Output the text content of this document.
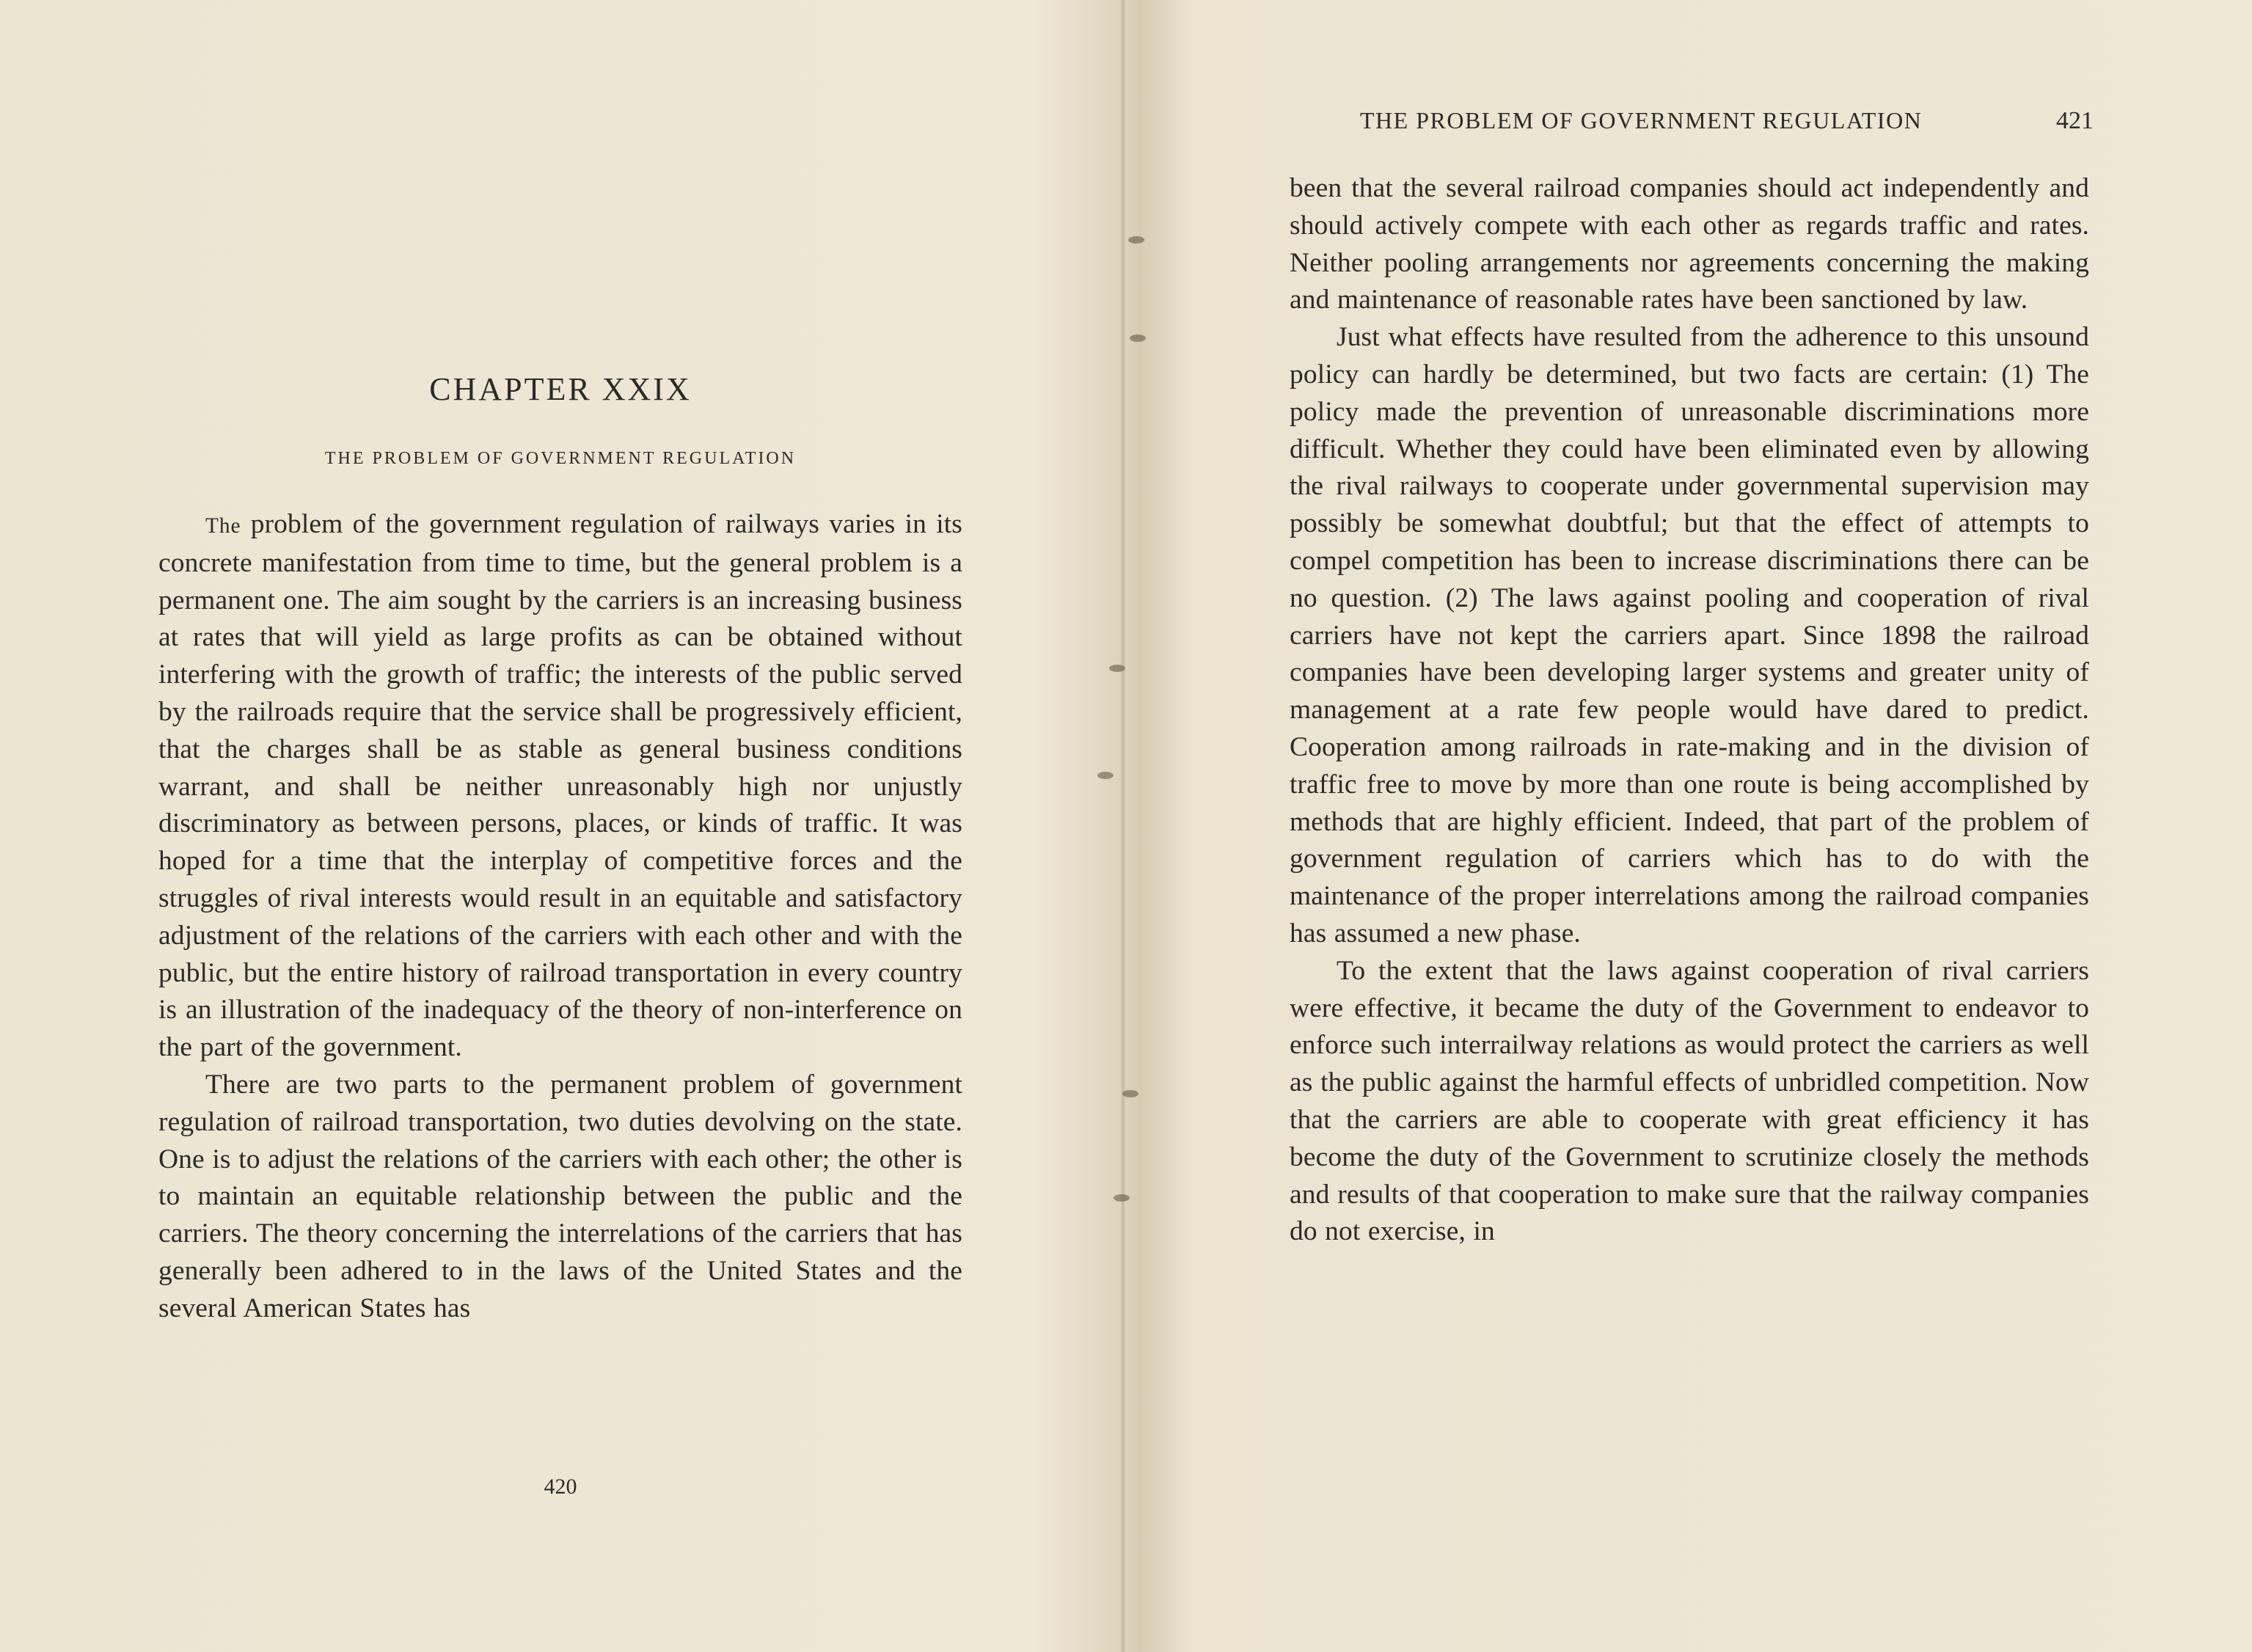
CHAPTER XXIX
THE PROBLEM OF GOVERNMENT REGULATION

The problem of the government regulation of railways varies in its concrete manifestation from time to time, but the general problem is a permanent one. The aim sought by the carriers is an increasing business at rates that will yield as large profits as can be obtained without interfering with the growth of traffic; the interests of the public served by the railroads require that the service shall be progressively efficient, that the charges shall be as stable as general business conditions warrant, and shall be neither unreasonably high nor unjustly discriminatory as between persons, places, or kinds of traffic. It was hoped for a time that the interplay of competitive forces and the struggles of rival interests would result in an equitable and satisfactory adjustment of the relations of the carriers with each other and with the public, but the entire history of railroad transportation in every country is an illustration of the inadequacy of the theory of non-interference on the part of the government.

There are two parts to the permanent problem of government regulation of railroad transportation, two duties devolving on the state. One is to adjust the relations of the carriers with each other; the other is to maintain an equitable relationship between the public and the carriers. The theory concerning the interrelations of the carriers that has generally been adhered to in the laws of the United States and the several American States has

420
THE PROBLEM OF GOVERNMENT REGULATION	421

been that the several railroad companies should act independently and should actively compete with each other as regards traffic and rates. Neither pooling arrangements nor agreements concerning the making and maintenance of reasonable rates have been sanctioned by law.

Just what effects have resulted from the adherence to this unsound policy can hardly be determined, but two facts are certain: (1) The policy made the prevention of unreasonable discriminations more difficult. Whether they could have been eliminated even by allowing the rival railways to cooperate under governmental supervision may possibly be somewhat doubtful; but that the effect of attempts to compel competition has been to increase discriminations there can be no question. (2) The laws against pooling and cooperation of rival carriers have not kept the carriers apart. Since 1898 the railroad companies have been developing larger systems and greater unity of management at a rate few people would have dared to predict. Cooperation among railroads in rate-making and in the division of traffic free to move by more than one route is being accomplished by methods that are highly efficient. Indeed, that part of the problem of government regulation of carriers which has to do with the maintenance of the proper interrelations among the railroad companies has assumed a new phase.

To the extent that the laws against cooperation of rival carriers were effective, it became the duty of the Government to endeavor to enforce such interrailway relations as would protect the carriers as well as the public against the harmful effects of unbridled competition. Now that the carriers are able to cooperate with great efficiency it has become the duty of the Government to scrutinize closely the methods and results of that cooperation to make sure that the railway companies do not exercise, in
